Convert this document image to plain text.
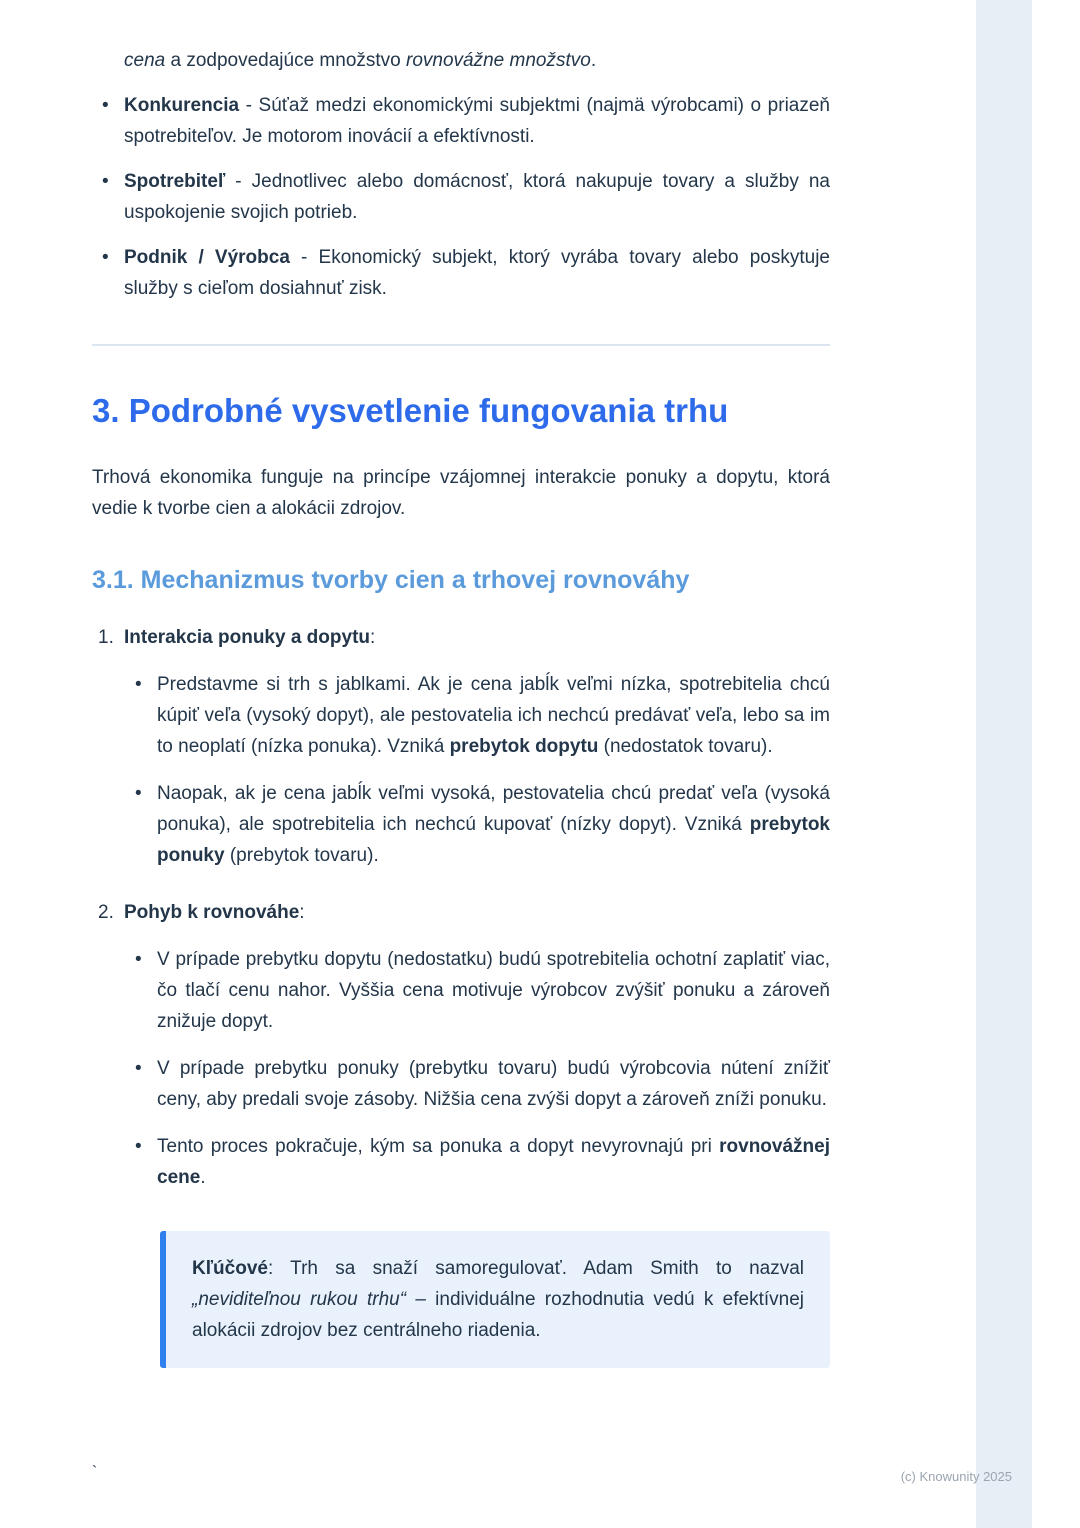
cena a zodpovedajúce množstvo rovnovážne množstvo.

• Konkurencia - Súťaž medzi ekonomickými subjektmi (najmä výrobcami) o priazeň spotrebiteľov. Je motorom inovácií a efektívnosti.
• Spotrebiteľ - Jednotlivec alebo domácnosť, ktorá nakupuje tovary a služby na uspokojenie svojich potrieb.
• Podnik / Výrobca - Ekonomický subjekt, ktorý vyrába tovary alebo poskytuje služby s cieľom dosiahnuť zisk.
3. Podrobné vysvetlenie fungovania trhu

Trhová ekonomika funguje na princípe vzájomnej interakcie ponuky a dopytu, ktorá vedie k tvorbe cien a alokácii zdrojov.

3.1. Mechanizmus tvorby cien a trhovej rovnováhy
1. Interakcia ponuky a dopytu:
• Predstavme si trh s jablkami. Ak je cena jabĺk veľmi nízka, spotrebitelia chcú kúpiť veľa (vysoký dopyt), ale pestovatelia ich nechcú predávať veľa, lebo sa im to neoplatí (nízka ponuka). Vzniká prebytok dopytu (nedostatok tovaru).
• Naopak, ak je cena jabĺk veľmi vysoká, pestovatelia chcú predať veľa (vysoká ponuka), ale spotrebitelia ich nechcú kupovať (nízky dopyt). Vzniká prebytok ponuky (prebytok tovaru).
2. Pohyb k rovnováhe:
• V prípade prebytku dopytu (nedostatku) budú spotrebitelia ochotní zaplatiť viac, čo tlačí cenu nahor. Vyššia cena motivuje výrobcov zvýšiť ponuku a zároveň znižuje dopyt.
• V prípade prebytku ponuky (prebytku tovaru) budú výrobcovia nútení znížiť ceny, aby predali svoje zásoby. Nižšia cena zvýši dopyt a zároveň zníži ponuku.
• Tento proces pokračuje, kým sa ponuka a dopyt nevyrovnajú pri rovnovážnej cene.

Kľúčové: Trh sa snaží samoregulovať. Adam Smith to nazval „neviditeľnou rukou trhu“ – individuálne rozhodnutia vedú k efektívnej alokácii zdrojov bez centrálneho riadenia.

`	(c) Knowunity 2025
